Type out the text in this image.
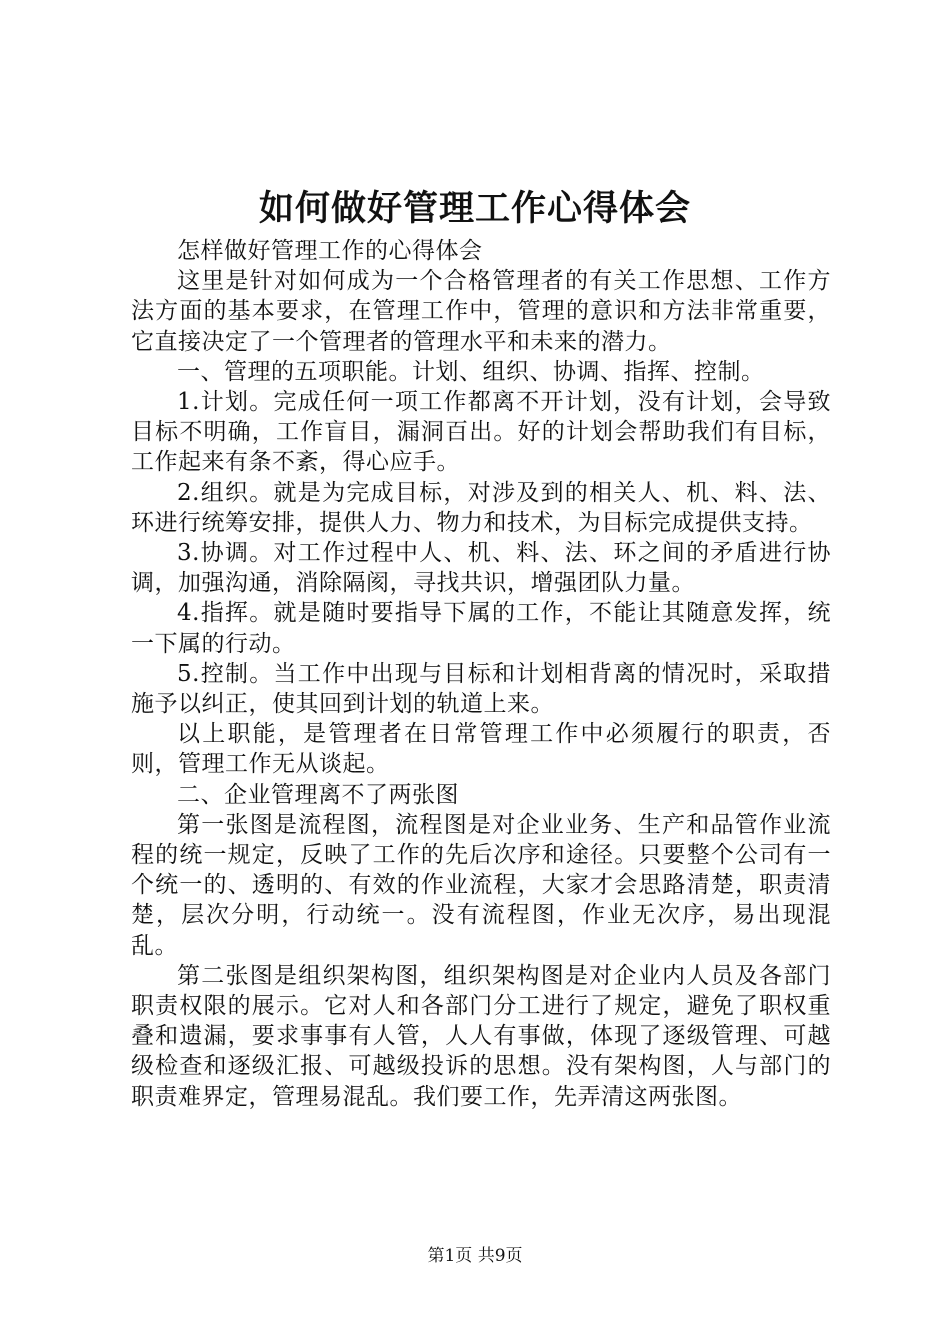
如何做好管理工作心得体会

怎样做好管理工作的心得体会

这里是针对如何成为一个合格管理者的有关工作思想、工作方法方面的基本要求，在管理工作中，管理的意识和方法非常重要，它直接决定了一个管理者的管理水平和未来的潜力。

一、管理的五项职能。计划、组织、协调、指挥、控制。

1.计划。完成任何一项工作都离不开计划，没有计划，会导致目标不明确，工作盲目，漏洞百出。好的计划会帮助我们有目标，工作起来有条不紊，得心应手。

2.组织。就是为完成目标，对涉及到的相关人、机、料、法、环进行统筹安排，提供人力、物力和技术，为目标完成提供支持。

3.协调。对工作过程中人、机、料、法、环之间的矛盾进行协调，加强沟通，消除隔阂，寻找共识，增强团队力量。

4.指挥。就是随时要指导下属的工作，不能让其随意发挥，统一下属的行动。

5.控制。当工作中出现与目标和计划相背离的情况时，采取措施予以纠正，使其回到计划的轨道上来。

以上职能，是管理者在日常管理工作中必须履行的职责，否则，管理工作无从谈起。

二、企业管理离不了两张图

第一张图是流程图，流程图是对企业业务、生产和品管作业流程的统一规定，反映了工作的先后次序和途径。只要整个公司有一个统一的、透明的、有效的作业流程，大家才会思路清楚，职责清楚，层次分明，行动统一。没有流程图，作业无次序，易出现混乱。

第二张图是组织架构图，组织架构图是对企业内人员及各部门职责权限的展示。它对人和各部门分工进行了规定，避免了职权重叠和遗漏，要求事事有人管，人人有事做，体现了逐级管理、可越级检查和逐级汇报、可越级投诉的思想。没有架构图，人与部门的职责难界定，管理易混乱。我们要工作，先弄清这两张图。

第1页 共9页
